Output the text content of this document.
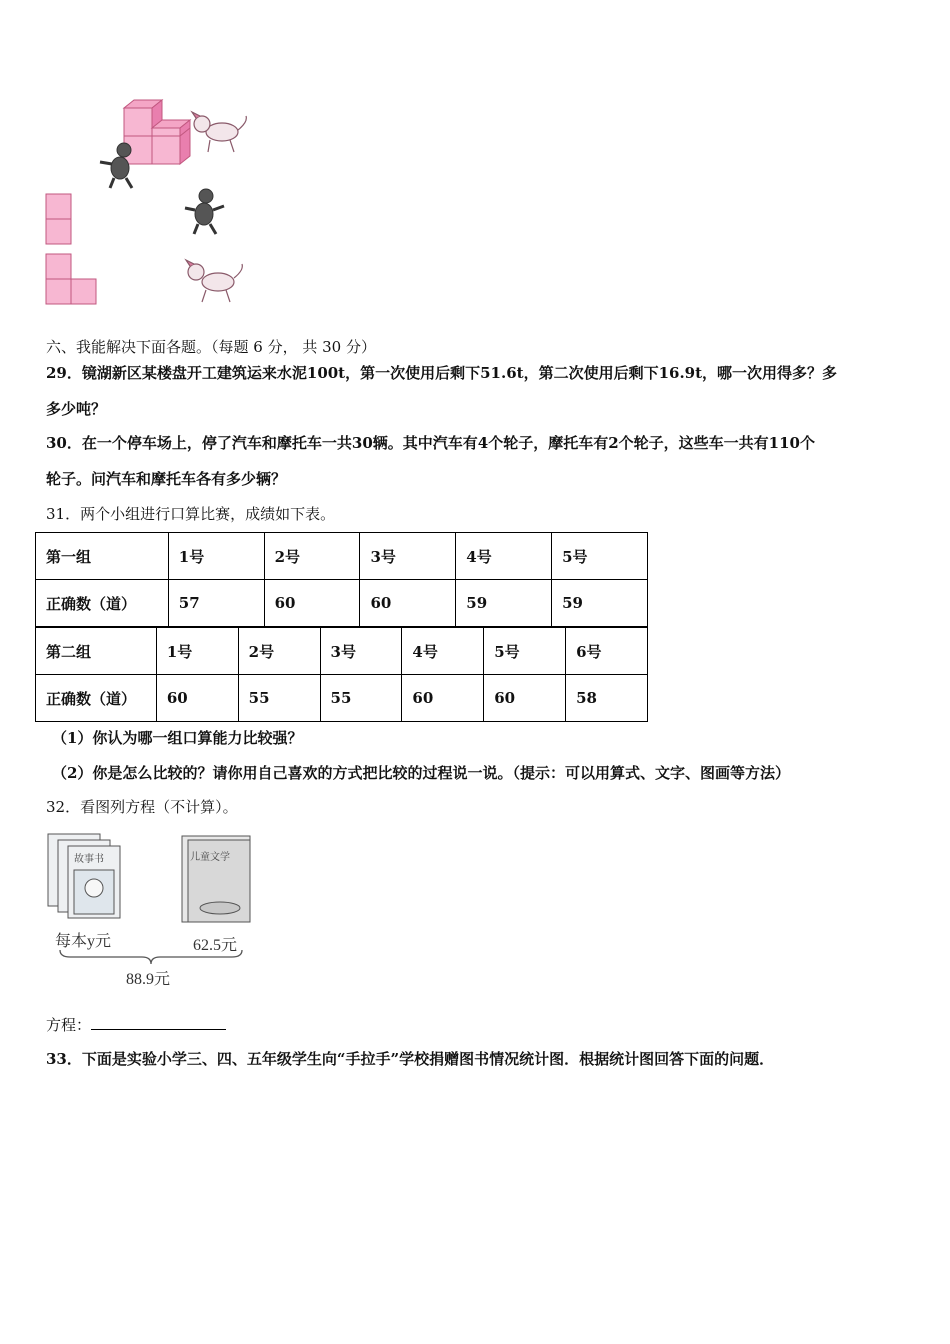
六、我能解决下面各题。（每题 6 分， 共 30 分）
29．镜湖新区某楼盘开工建筑运来水泥100t，第一次使用后剩下51.6t，第二次使用后剩下16.9t，哪一次用得多？多
多少吨？
30．在一个停车场上，停了汽车和摩托车一共30辆。其中汽车有4个轮子，摩托车有2个轮子，这些车一共有110个
轮子。问汽车和摩托车各有多少辆？
31．两个小组进行口算比赛，成绩如下表。
第一组	1号	2号	3号	4号	5号
正确数（道）	57	60	60	59	59
第二组	1号	2号	3号	4号	5号	6号
正确数（道）	60	55	55	60	60	58
（1）你认为哪一组口算能力比较强？
（2）你是怎么比较的？请你用自己喜欢的方式把比较的过程说一说。（提示：可以用算式、文字、图画等方法）
32．看图列方程（不计算）。
故事书	儿童文学
每本y元	62.5元
88.9元
方程：
33．下面是实验小学三、四、五年级学生向“手拉手”学校捐赠图书情况统计图．根据统计图回答下面的问题．
